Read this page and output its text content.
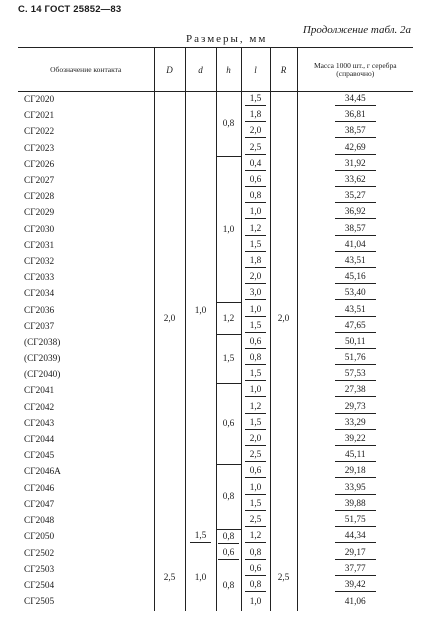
С. 14 ГОСТ 25852—83
Продолжение табл. 2а
Размеры, мм
Обозначение контакта	D	d	h	l	R	Масса 1000 шт., г серебра (справочно)
СГ2020	2,0	1,0	0,8	1,5	2,0	34,45
СГ2021				1,8		36,81
СГ2022				2,0		38,57
СГ2023				2,5		42,69
СГ2026			1,0	0,4		31,92
СГ2027				0,6		33,62
СГ2028				0,8		35,27
СГ2029				1,0		36,92
СГ2030				1,2		38,57
СГ2031				1,5		41,04
СГ2032				1,8		43,51
СГ2033				2,0		45,16
СГ2034				3,0		53,40
СГ2036			1,2	1,0		43,51
СГ2037				1,5		47,65
(СГ2038)			1,5	0,6		50,11
(СГ2039)				0,8		51,76
(СГ2040)				1,5		57,53
СГ2041			0,6	1,0		27,38
СГ2042				1,2		29,73
СГ2043				1,5		33,29
СГ2044				2,0		39,22
СГ2045				2,5		45,11
СГ2046А			0,8	0,6		29,18
СГ2046				1,0		33,95
СГ2047				1,5		39,88
СГ2048				2,5		51,75
СГ2050		1,5	0,8	1,2		44,34
СГ2502	2,5	1,0	0,6	0,8	2,5	29,17
СГ2503			0,8	0,6		37,77
СГ2504				0,8		39,42
СГ2505				1,0		41,06
